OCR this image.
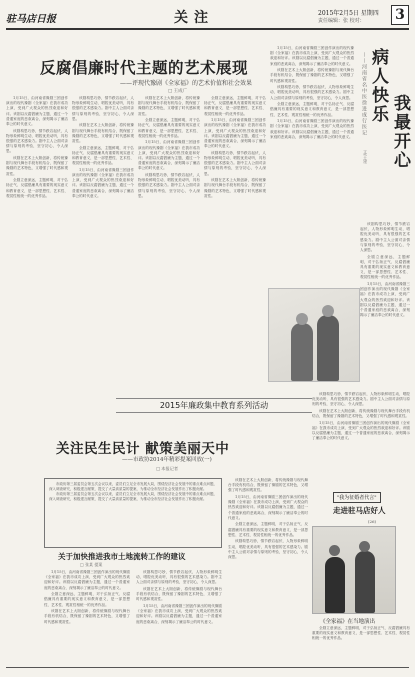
驻马店日报	关注	2015年2月5日 星期四
责任编辑：张 校对： 3
反腐倡廉时代主题的艺术展现
——评现代豫剧《全家福》的艺术价值和社会效果
□ 王成广

1月15日，由河南省豫剧三团创作演出的现代豫剧《全家福》在我市成功上演，受到广大观众的热烈欢迎和好评。该剧以反腐倡廉为主题，通过一个普通家庭的悲欢离合，深刻揭示了廉洁奉公的时代意义。

该剧构思巧妙，情节跌宕起伏，人物形象鲜明生动，唱腔优美动听，具有很强的艺术感染力。剧中主人公面对亲情与原则的考验，坚守初心，令人深思。

该剧在艺术上大胆创新，将传统豫剧与现代舞台手段有机结合，既保留了豫剧的艺术特色，又增强了时代感和观赏性。

全剧立意深远，主题鲜明，对于弘扬正气、反腐倡廉具有重要的现实意义和教育意义，是一部思想性、艺术性、观赏性相统一的优秀作品。

该剧构思巧妙，情节跌宕起伏，人物形象鲜明生动，唱腔优美动听，具有很强的艺术感染力。剧中主人公面对亲情与原则的考验，坚守初心，令人深思。

该剧在艺术上大胆创新，将传统豫剧与现代舞台手段有机结合，既保留了豫剧的艺术特色，又增强了时代感和观赏性。

全剧立意深远，主题鲜明，对于弘扬正气、反腐倡廉具有重要的现实意义和教育意义，是一部思想性、艺术性、观赏性相统一的优秀作品。

1月15日，由河南省豫剧三团创作演出的现代豫剧《全家福》在我市成功上演，受到广大观众的热烈欢迎和好评。该剧以反腐倡廉为主题，通过一个普通家庭的悲欢离合，深刻揭示了廉洁奉公的时代意义。

该剧在艺术上大胆创新，将传统豫剧与现代舞台手段有机结合，既保留了豫剧的艺术特色，又增强了时代感和观赏性。

全剧立意深远，主题鲜明，对于弘扬正气、反腐倡廉具有重要的现实意义和教育意义，是一部思想性、艺术性、观赏性相统一的优秀作品。

1月15日，由河南省豫剧三团创作演出的现代豫剧《全家福》在我市成功上演，受到广大观众的热烈欢迎和好评。该剧以反腐倡廉为主题，通过一个普通家庭的悲欢离合，深刻揭示了廉洁奉公的时代意义。

该剧构思巧妙，情节跌宕起伏，人物形象鲜明生动，唱腔优美动听，具有很强的艺术感染力。剧中主人公面对亲情与原则的考验，坚守初心，令人深思。

全剧立意深远，主题鲜明，对于弘扬正气、反腐倡廉具有重要的现实意义和教育意义，是一部思想性、艺术性、观赏性相统一的优秀作品。

1月15日，由河南省豫剧三团创作演出的现代豫剧《全家福》在我市成功上演，受到广大观众的热烈欢迎和好评。该剧以反腐倡廉为主题，通过一个普通家庭的悲欢离合，深刻揭示了廉洁奉公的时代意义。

该剧构思巧妙，情节跌宕起伏，人物形象鲜明生动，唱腔优美动听，具有很强的艺术感染力。剧中主人公面对亲情与原则的考验，坚守初心，令人深思。

该剧在艺术上大胆创新，将传统豫剧与现代舞台手段有机结合，既保留了豫剧的艺术特色，又增强了时代感和观赏性。

1月15日，由河南省豫剧三团创作演出的现代豫剧《全家福》在我市成功上演，受到广大观众的热烈欢迎和好评。该剧以反腐倡廉为主题，通过一个普通家庭的悲欢离合，深刻揭示了廉洁奉公的时代意义。

该剧在艺术上大胆创新，将传统豫剧与现代舞台手段有机结合，既保留了豫剧的艺术特色，又增强了时代感和观赏性。

该剧构思巧妙，情节跌宕起伏，人物形象鲜明生动，唱腔优美动听，具有很强的艺术感染力。剧中主人公面对亲情与原则的考验，坚守初心，令人深思。

全剧立意深远，主题鲜明，对于弘扬正气、反腐倡廉具有重要的现实意义和教育意义，是一部思想性、艺术性、观赏性相统一的优秀作品。

1月15日，由河南省豫剧三团创作演出的现代豫剧《全家福》在我市成功上演，受到广大观众的热烈欢迎和好评。该剧以反腐倡廉为主题，通过一个普通家庭的悲欢离合，深刻揭示了廉洁奉公的时代意义。

病人快乐
我最开心
——河南省名中医徐进成行医记
文/王建

该剧构思巧妙，情节跌宕起伏，人物形象鲜明生动，唱腔优美动听，具有很强的艺术感染力。剧中主人公面对亲情与原则的考验，坚守初心，令人深思。

全剧立意深远，主题鲜明，对于弘扬正气、反腐倡廉具有重要的现实意义和教育意义，是一部思想性、艺术性、观赏性相统一的优秀作品。

1月15日，由河南省豫剧三团创作演出的现代豫剧《全家福》在我市成功上演，受到广大观众的热烈欢迎和好评。该剧以反腐倡廉为主题，通过一个普通家庭的悲欢离合，深刻揭示了廉洁奉公的时代意义。

2015年廉政集中教育系列活动
关注民生民计 献策美丽天中
——市政协2014年精彩提案回放(一)
□ 本报记者

市政协第三届委员会第五次会议以来，委员们立足全市发展大局，围绕经济社会发展中的重点难点问题，深入调查研究，积极建言献策，提交了大量高质量的提案，为推动全市经济社会发展作出了积极贡献。

市政协第三届委员会第五次会议以来，委员们立足全市发展大局，围绕经济社会发展中的重点难点问题，深入调查研究，积极建言献策，提交了大量高质量的提案，为推动全市经济社会发展作出了积极贡献。

该剧在艺术上大胆创新，将传统豫剧与现代舞台手段有机结合，既保留了豫剧的艺术特色，又增强了时代感和观赏性。

1月15日，由河南省豫剧三团创作演出的现代豫剧《全家福》在我市成功上演，受到广大观众的热烈欢迎和好评。该剧以反腐倡廉为主题，通过一个普通家庭的悲欢离合，深刻揭示了廉洁奉公的时代意义。

全剧立意深远，主题鲜明，对于弘扬正气、反腐倡廉具有重要的现实意义和教育意义，是一部思想性、艺术性、观赏性相统一的优秀作品。

该剧构思巧妙，情节跌宕起伏，人物形象鲜明生动，唱腔优美动听，具有很强的艺术感染力。剧中主人公面对亲情与原则的考验，坚守初心，令人深思。

该剧构思巧妙，情节跌宕起伏，人物形象鲜明生动，唱腔优美动听，具有很强的艺术感染力。剧中主人公面对亲情与原则的考验，坚守初心，令人深思。

该剧在艺术上大胆创新，将传统豫剧与现代舞台手段有机结合，既保留了豫剧的艺术特色，又增强了时代感和观赏性。

1月15日，由河南省豫剧三团创作演出的现代豫剧《全家福》在我市成功上演，受到广大观众的热烈欢迎和好评。该剧以反腐倡廉为主题，通过一个普通家庭的悲欢离合，深刻揭示了廉洁奉公的时代意义。

关于加快推进我市土地流转工作的建议
□ 张某 提案

1月15日，由河南省豫剧三团创作演出的现代豫剧《全家福》在我市成功上演，受到广大观众的热烈欢迎和好评。该剧以反腐倡廉为主题，通过一个普通家庭的悲欢离合，深刻揭示了廉洁奉公的时代意义。

全剧立意深远，主题鲜明，对于弘扬正气、反腐倡廉具有重要的现实意义和教育意义，是一部思想性、艺术性、观赏性相统一的优秀作品。

该剧在艺术上大胆创新，将传统豫剧与现代舞台手段有机结合，既保留了豫剧的艺术特色，又增强了时代感和观赏性。

该剧构思巧妙，情节跌宕起伏，人物形象鲜明生动，唱腔优美动听，具有很强的艺术感染力。剧中主人公面对亲情与原则的考验，坚守初心，令人深思。

该剧在艺术上大胆创新，将传统豫剧与现代舞台手段有机结合，既保留了豫剧的艺术特色，又增强了时代感和观赏性。

1月15日，由河南省豫剧三团创作演出的现代豫剧《全家福》在我市成功上演，受到广大观众的热烈欢迎和好评。该剧以反腐倡廉为主题，通过一个普通家庭的悲欢离合，深刻揭示了廉洁奉公的时代意义。

"我为征婚者代言"
走进驻马店好人
(26)
《全家福》在当地演出

全剧立意深远，主题鲜明，对于弘扬正气、反腐倡廉具有重要的现实意义和教育意义，是一部思想性、艺术性、观赏性相统一的优秀作品。
